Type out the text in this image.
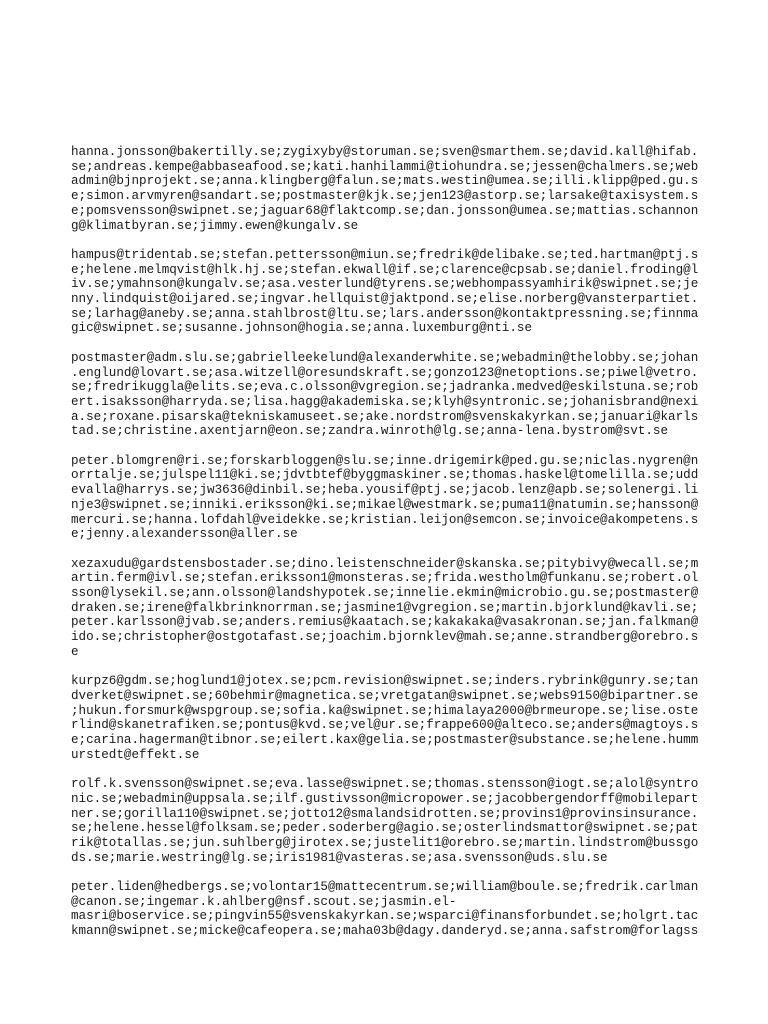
hanna.jonsson@bakertilly.se;zygixyby@storuman.se;sven@smarthem.se;david.kall@hifab.
se;andreas.kempe@abbaseafood.se;kati.hanhilammi@tiohundra.se;jessen@chalmers.se;web
admin@bjnprojekt.se;anna.klingberg@falun.se;mats.westin@umea.se;illi.klipp@ped.gu.s
e;simon.arvmyren@sandart.se;postmaster@kjk.se;jen123@astorp.se;larsake@taxisystem.s
e;pomsvensson@swipnet.se;jaguar68@flaktcomp.se;dan.jonsson@umea.se;mattias.schannon
g@klimatbyran.se;jimmy.ewen@kungalv.se
hampus@tridentab.se;stefan.pettersson@miun.se;fredrik@delibake.se;ted.hartman@ptj.s
e;helene.melmqvist@hlk.hj.se;stefan.ekwall@if.se;clarence@cpsab.se;daniel.froding@l
iv.se;ymahnson@kungalv.se;asa.vesterlund@tyrens.se;webhompassyamhirik@swipnet.se;je
nny.lindquist@oijared.se;ingvar.hellquist@jaktpond.se;elise.norberg@vansterpartiet.
se;larhag@aneby.se;anna.stahlbrost@ltu.se;lars.andersson@kontaktpressning.se;finnma
gic@swipnet.se;susanne.johnson@hogia.se;anna.luxemburg@nti.se
postmaster@adm.slu.se;gabrielleekelund@alexanderwhite.se;webadmin@thelobby.se;johan
.englund@lovart.se;asa.witzell@oresundskraft.se;gonzo123@netoptions.se;piwel@vetro.
se;fredrikuggla@elits.se;eva.c.olsson@vgregion.se;jadranka.medved@eskilstuna.se;rob
ert.isaksson@harryda.se;lisa.hagg@akademiska.se;klyh@syntronic.se;johanisbrand@nexi
a.se;roxane.pisarska@tekniskamuseet.se;ake.nordstrom@svenskakyrkan.se;januari@karls
tad.se;christine.axentjarn@eon.se;zandra.winroth@lg.se;anna-lena.bystrom@svt.se
peter.blomgren@ri.se;forskarbloggen@slu.se;inne.drigemirk@ped.gu.se;niclas.nygren@n
orrtalje.se;julspel11@ki.se;jdvtbtef@byggmaskiner.se;thomas.haskel@tomelilla.se;udd
evalla@harrys.se;jw3636@dinbil.se;heba.yousif@ptj.se;jacob.lenz@apb.se;solenergi.li
nje3@swipnet.se;inniki.eriksson@ki.se;mikael@westmark.se;puma11@natumin.se;hansson@
mercuri.se;hanna.lofdahl@veidekke.se;kristian.leijon@semcon.se;invoice@akompetens.s
e;jenny.alexandersson@aller.se
xezaxudu@gardstensbostader.se;dino.leistenschneider@skanska.se;pitybivy@wecall.se;m
artin.ferm@ivl.se;stefan.eriksson1@monsteras.se;frida.westholm@funkanu.se;robert.ol
sson@lysekil.se;ann.olsson@landshypotek.se;innelie.ekmin@microbio.gu.se;postmaster@
draken.se;irene@falkbrinknorrman.se;jasmine1@vgregion.se;martin.bjorklund@kavli.se;
peter.karlsson@jvab.se;anders.remius@kaatach.se;kakakaka@vasakronan.se;jan.falkman@
ido.se;christopher@ostgotafast.se;joachim.bjornklev@mah.se;anne.strandberg@orebro.s
e
kurpz6@gdm.se;hoglund1@jotex.se;pcm.revision@swipnet.se;inders.rybrink@gunry.se;tan
dverket@swipnet.se;60behmir@magnetica.se;vretgatan@swipnet.se;webs9150@bipartner.se
;hukun.forsmurk@wspgroup.se;sofia.ka@swipnet.se;himalaya2000@brmeurope.se;lise.oste
rlind@skanetrafiken.se;pontus@kvd.se;vel@ur.se;frappe600@alteco.se;anders@magtoys.s
e;carina.hagerman@tibnor.se;eilert.kax@gelia.se;postmaster@substance.se;helene.humm
urstedt@effekt.se
rolf.k.svensson@swipnet.se;eva.lasse@swipnet.se;thomas.stensson@iogt.se;alol@syntro
nic.se;webadmin@uppsala.se;ilf.gustivsson@micropower.se;jacobbergendorff@mobilepart
ner.se;gorilla110@swipnet.se;jotto12@smalandsidrotten.se;provins1@provinsinsurance.
se;helene.hessel@folksam.se;peder.soderberg@agio.se;osterlindsmattor@swipnet.se;pat
rik@totallas.se;jun.suhlberg@jirotex.se;justelit1@orebro.se;martin.lindstrom@bussgo
ds.se;marie.westring@lg.se;iris1981@vasteras.se;asa.svensson@uds.slu.se
peter.liden@hedbergs.se;volontar15@mattecentrum.se;william@boule.se;fredrik.carlman
@canon.se;ingemar.k.ahlberg@nsf.scout.se;jasmin.el-
masri@boservice.se;pingvin55@svenskakyrkan.se;wsparci@finansforbundet.se;holgrt.tac
kmann@swipnet.se;micke@cafeopera.se;maha03b@dagy.danderyd.se;anna.safstrom@forlagss
